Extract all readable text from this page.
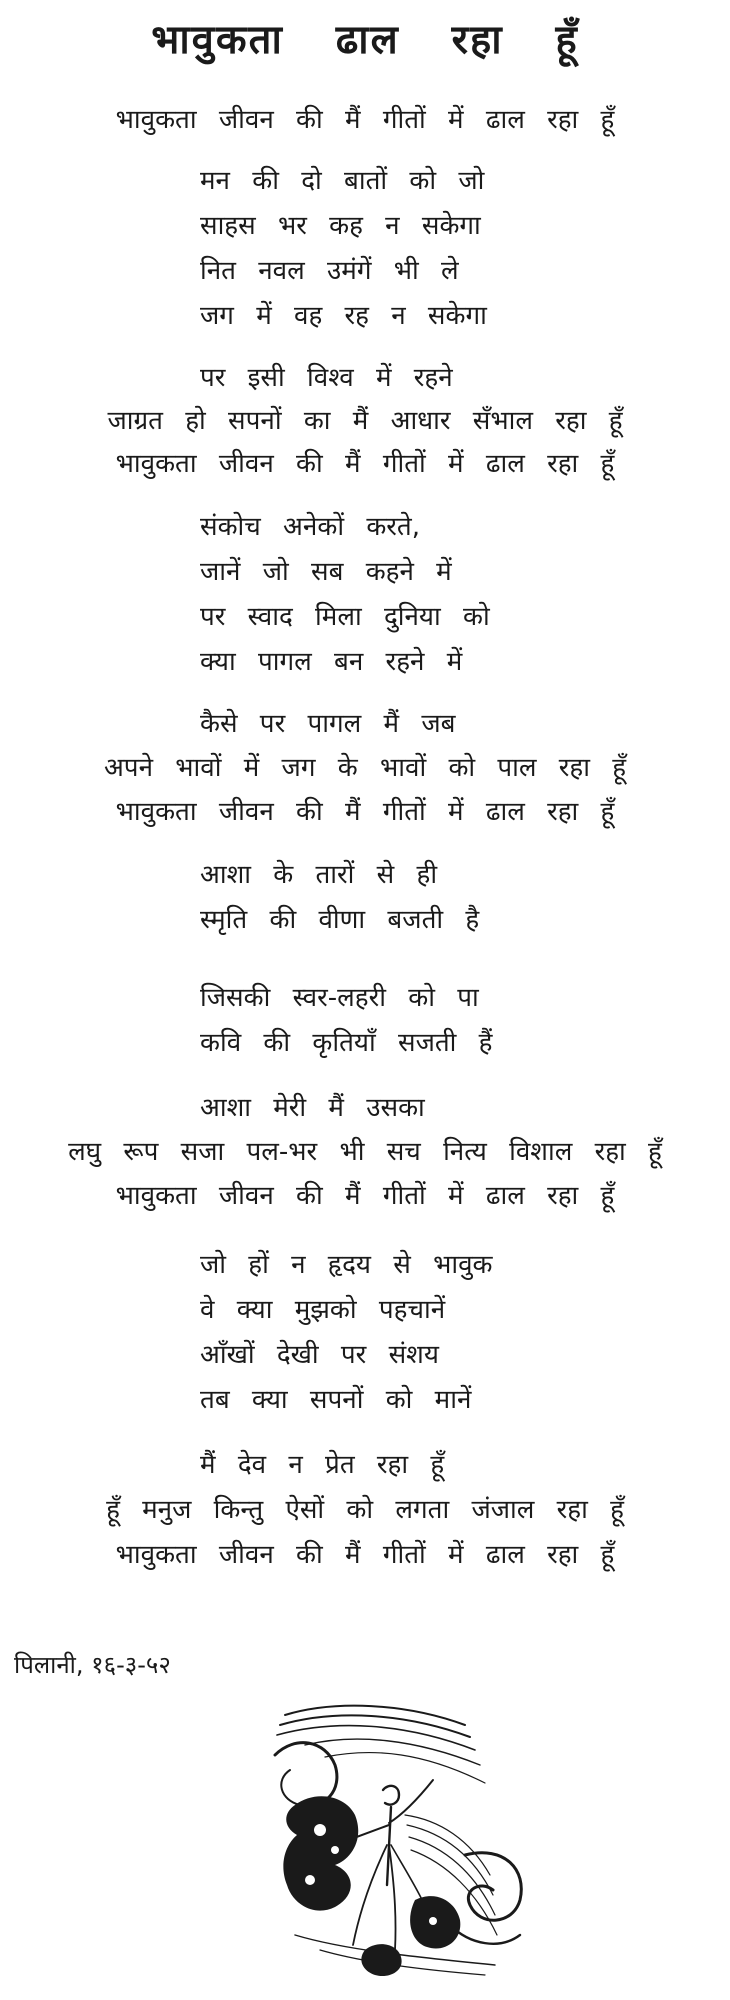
भावुकता ढाल रहा हूँ
भावुकता जीवन की मैं गीतों में ढाल रहा हूँ
मन की दो बातों को जो
साहस भर कह न सकेगा
नित नवल उमंगें भी ले
जग में वह रह न सकेगा
पर इसी विश्व में रहने
जाग्रत हो सपनों का मैं आधार सँभाल रहा हूँ
भावुकता जीवन की मैं गीतों में ढाल रहा हूँ
संकोच अनेकों करते,
जानें जो सब कहने में
पर स्वाद मिला दुनिया को
क्या पागल बन रहने में
कैसे पर पागल मैं जब
अपने भावों में जग के भावों को पाल रहा हूँ
भावुकता जीवन की मैं गीतों में ढाल रहा हूँ
आशा के तारों से ही
स्मृति की वीणा बजती है
जिसकी स्वर-लहरी को पा
कवि की कृतियाँ सजती हैं
आशा मेरी मैं उसका
लघु रूप सजा पल-भर भी सच नित्य विशाल रहा हूँ
भावुकता जीवन की मैं गीतों में ढाल रहा हूँ
जो हों न हृदय से भावुक
वे क्या मुझको पहचानें
आँखों देखी पर संशय
तब क्या सपनों को मानें
मैं देव न प्रेत रहा हूँ
हूँ मनुज किन्तु ऐसों को लगता जंजाल रहा हूँ
भावुकता जीवन की मैं गीतों में ढाल रहा हूँ
पिलानी, १६-३-५२
